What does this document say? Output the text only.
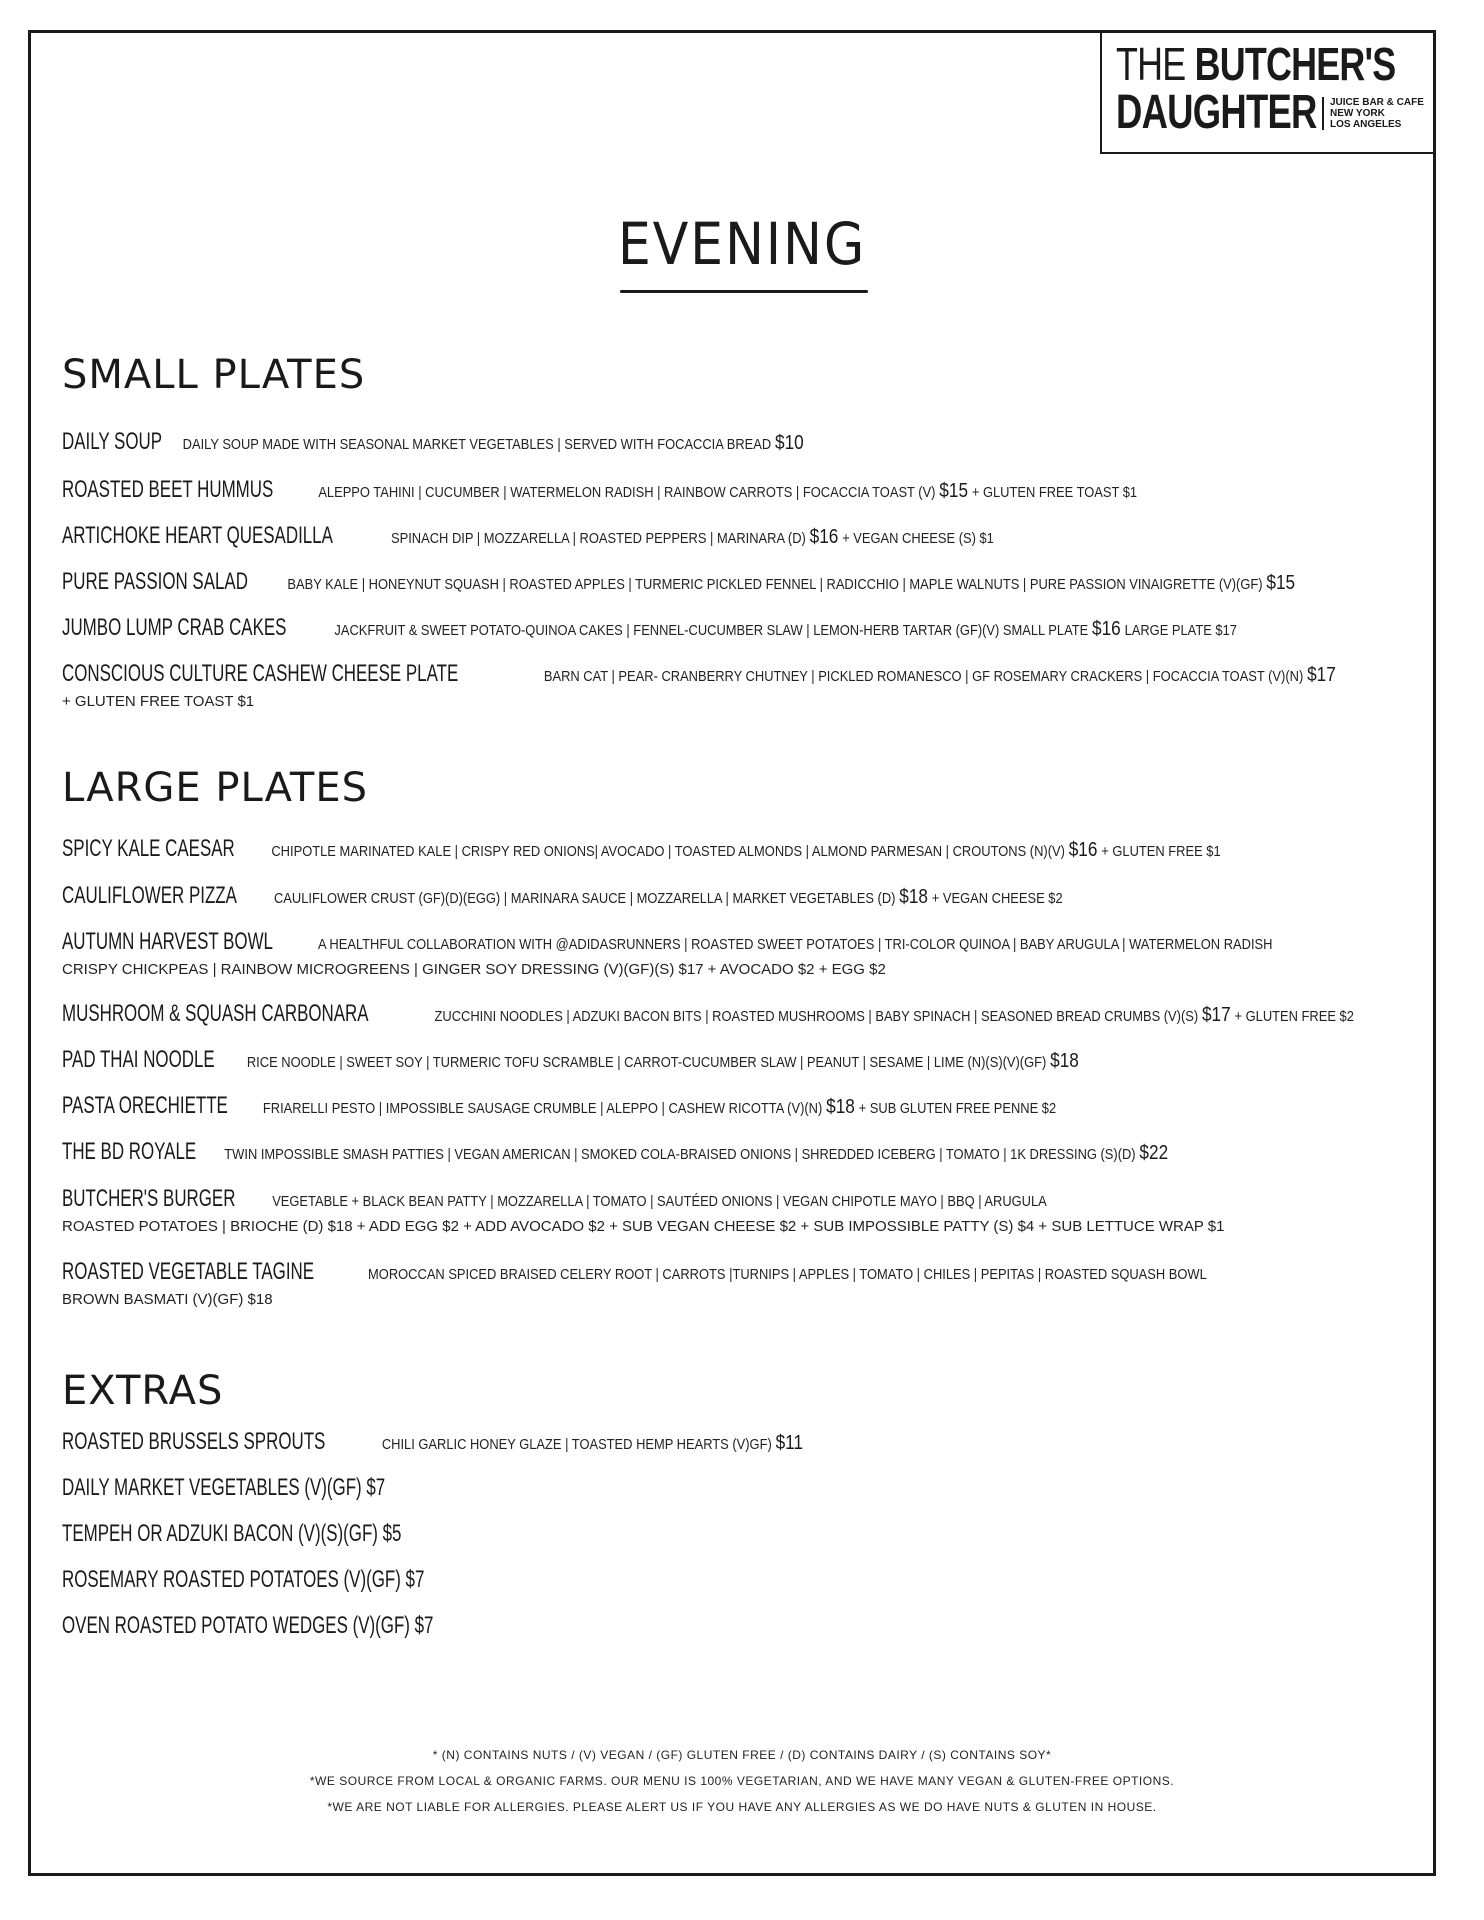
THE BUTCHER'S
DAUGHTER JUICE BAR & CAFE
NEW YORK
LOS ANGELES
EVENING
SMALL PLATES
LARGE PLATES
EXTRAS
DAILY SOUP DAILY SOUP MADE WITH SEASONAL MARKET VEGETABLES | SERVED WITH FOCACCIA BREAD $10
ROASTED BEET HUMMUS	ALEPPO TAHINI | CUCUMBER | WATERMELON RADISH | RAINBOW CARROTS | FOCACCIA TOAST (V) $15 + GLUTEN FREE TOAST $1
ARTICHOKE HEART QUESADILLA	SPINACH DIP | MOZZARELLA | ROASTED PEPPERS | MARINARA (D) $16 + VEGAN CHEESE (S) $1
PURE PASSION SALAD	BABY KALE | HONEYNUT SQUASH | ROASTED APPLES | TURMERIC PICKLED FENNEL | RADICCHIO | MAPLE WALNUTS | PURE PASSION VINAIGRETTE (V)(GF) $15
JUMBO LUMP CRAB CAKES	JACKFRUIT & SWEET POTATO-QUINOA CAKES | FENNEL-CUCUMBER SLAW | LEMON-HERB TARTAR (GF)(V) SMALL PLATE $16 LARGE PLATE $17
CONSCIOUS CULTURE CASHEW CHEESE PLATE	BARN CAT | PEAR- CRANBERRY CHUTNEY | PICKLED ROMANESCO | GF ROSEMARY CRACKERS | FOCACCIA TOAST (V)(N) $17
+ GLUTEN FREE TOAST $1
SPICY KALE CAESAR CHIPOTLE MARINATED KALE | CRISPY RED ONIONS| AVOCADO | TOASTED ALMONDS | ALMOND PARMESAN | CROUTONS (N)(V) $16 + GLUTEN FREE $1
CAULIFLOWER PIZZA CAULIFLOWER CRUST (GF)(D)(EGG) | MARINARA SAUCE | MOZZARELLA | MARKET VEGETABLES (D) $18 + VEGAN CHEESE $2
AUTUMN HARVEST BOWL	A HEALTHFUL COLLABORATION WITH @ADIDASRUNNERS | ROASTED SWEET POTATOES | TRI-COLOR QUINOA | BABY ARUGULA | WATERMELON RADISH
CRISPY CHICKPEAS | RAINBOW MICROGREENS | GINGER SOY DRESSING (V)(GF)(S) $17 + AVOCADO $2 + EGG $2
MUSHROOM & SQUASH CARBONARA	ZUCCHINI NOODLES | ADZUKI BACON BITS | ROASTED MUSHROOMS | BABY SPINACH | SEASONED BREAD CRUMBS (V)(S) $17 + GLUTEN FREE $2
PAD THAI NOODLE RICE NOODLE | SWEET SOY | TURMERIC TOFU SCRAMBLE | CARROT-CUCUMBER SLAW | PEANUT | SESAME | LIME (N)(S)(V)(GF) $18
PASTA ORECHIETTE FRIARELLI PESTO | IMPOSSIBLE SAUSAGE CRUMBLE | ALEPPO | CASHEW RICOTTA (V)(N) $18 + SUB GLUTEN FREE PENNE $2
THE BD ROYALE TWIN IMPOSSIBLE SMASH PATTIES | VEGAN AMERICAN | SMOKED COLA-BRAISED ONIONS | SHREDDED ICEBERG | TOMATO | 1K DRESSING (S)(D) $22
BUTCHER'S BURGER VEGETABLE + BLACK BEAN PATTY | MOZZARELLA | TOMATO | SAUTÉED ONIONS | VEGAN CHIPOTLE MAYO | BBQ | ARUGULA
ROASTED POTATOES | BRIOCHE (D) $18 + ADD EGG $2 + ADD AVOCADO $2 + SUB VEGAN CHEESE $2 + SUB IMPOSSIBLE PATTY (S) $4 + SUB LETTUCE WRAP $1
ROASTED VEGETABLE TAGINE	MOROCCAN SPICED BRAISED CELERY ROOT | CARROTS |TURNIPS | APPLES | TOMATO | CHILES | PEPITAS | ROASTED SQUASH BOWL
BROWN BASMATI (V)(GF) $18
ROASTED BRUSSELS SPROUTS	CHILI GARLIC HONEY GLAZE | TOASTED HEMP HEARTS (V)GF) $11
DAILY MARKET VEGETABLES (V)(GF) $7
TEMPEH OR ADZUKI BACON (V)(S)(GF) $5
ROSEMARY ROASTED POTATOES (V)(GF) $7
OVEN ROASTED POTATO WEDGES (V)(GF) $7
* (N) CONTAINS NUTS / (V) VEGAN / (GF) GLUTEN FREE / (D) CONTAINS DAIRY / (S) CONTAINS SOY*
*WE SOURCE FROM LOCAL & ORGANIC FARMS. OUR MENU IS 100% VEGETARIAN, AND WE HAVE MANY VEGAN & GLUTEN-FREE OPTIONS.
*WE ARE NOT LIABLE FOR ALLERGIES. PLEASE ALERT US IF YOU HAVE ANY ALLERGIES AS WE DO HAVE NUTS & GLUTEN IN HOUSE.
